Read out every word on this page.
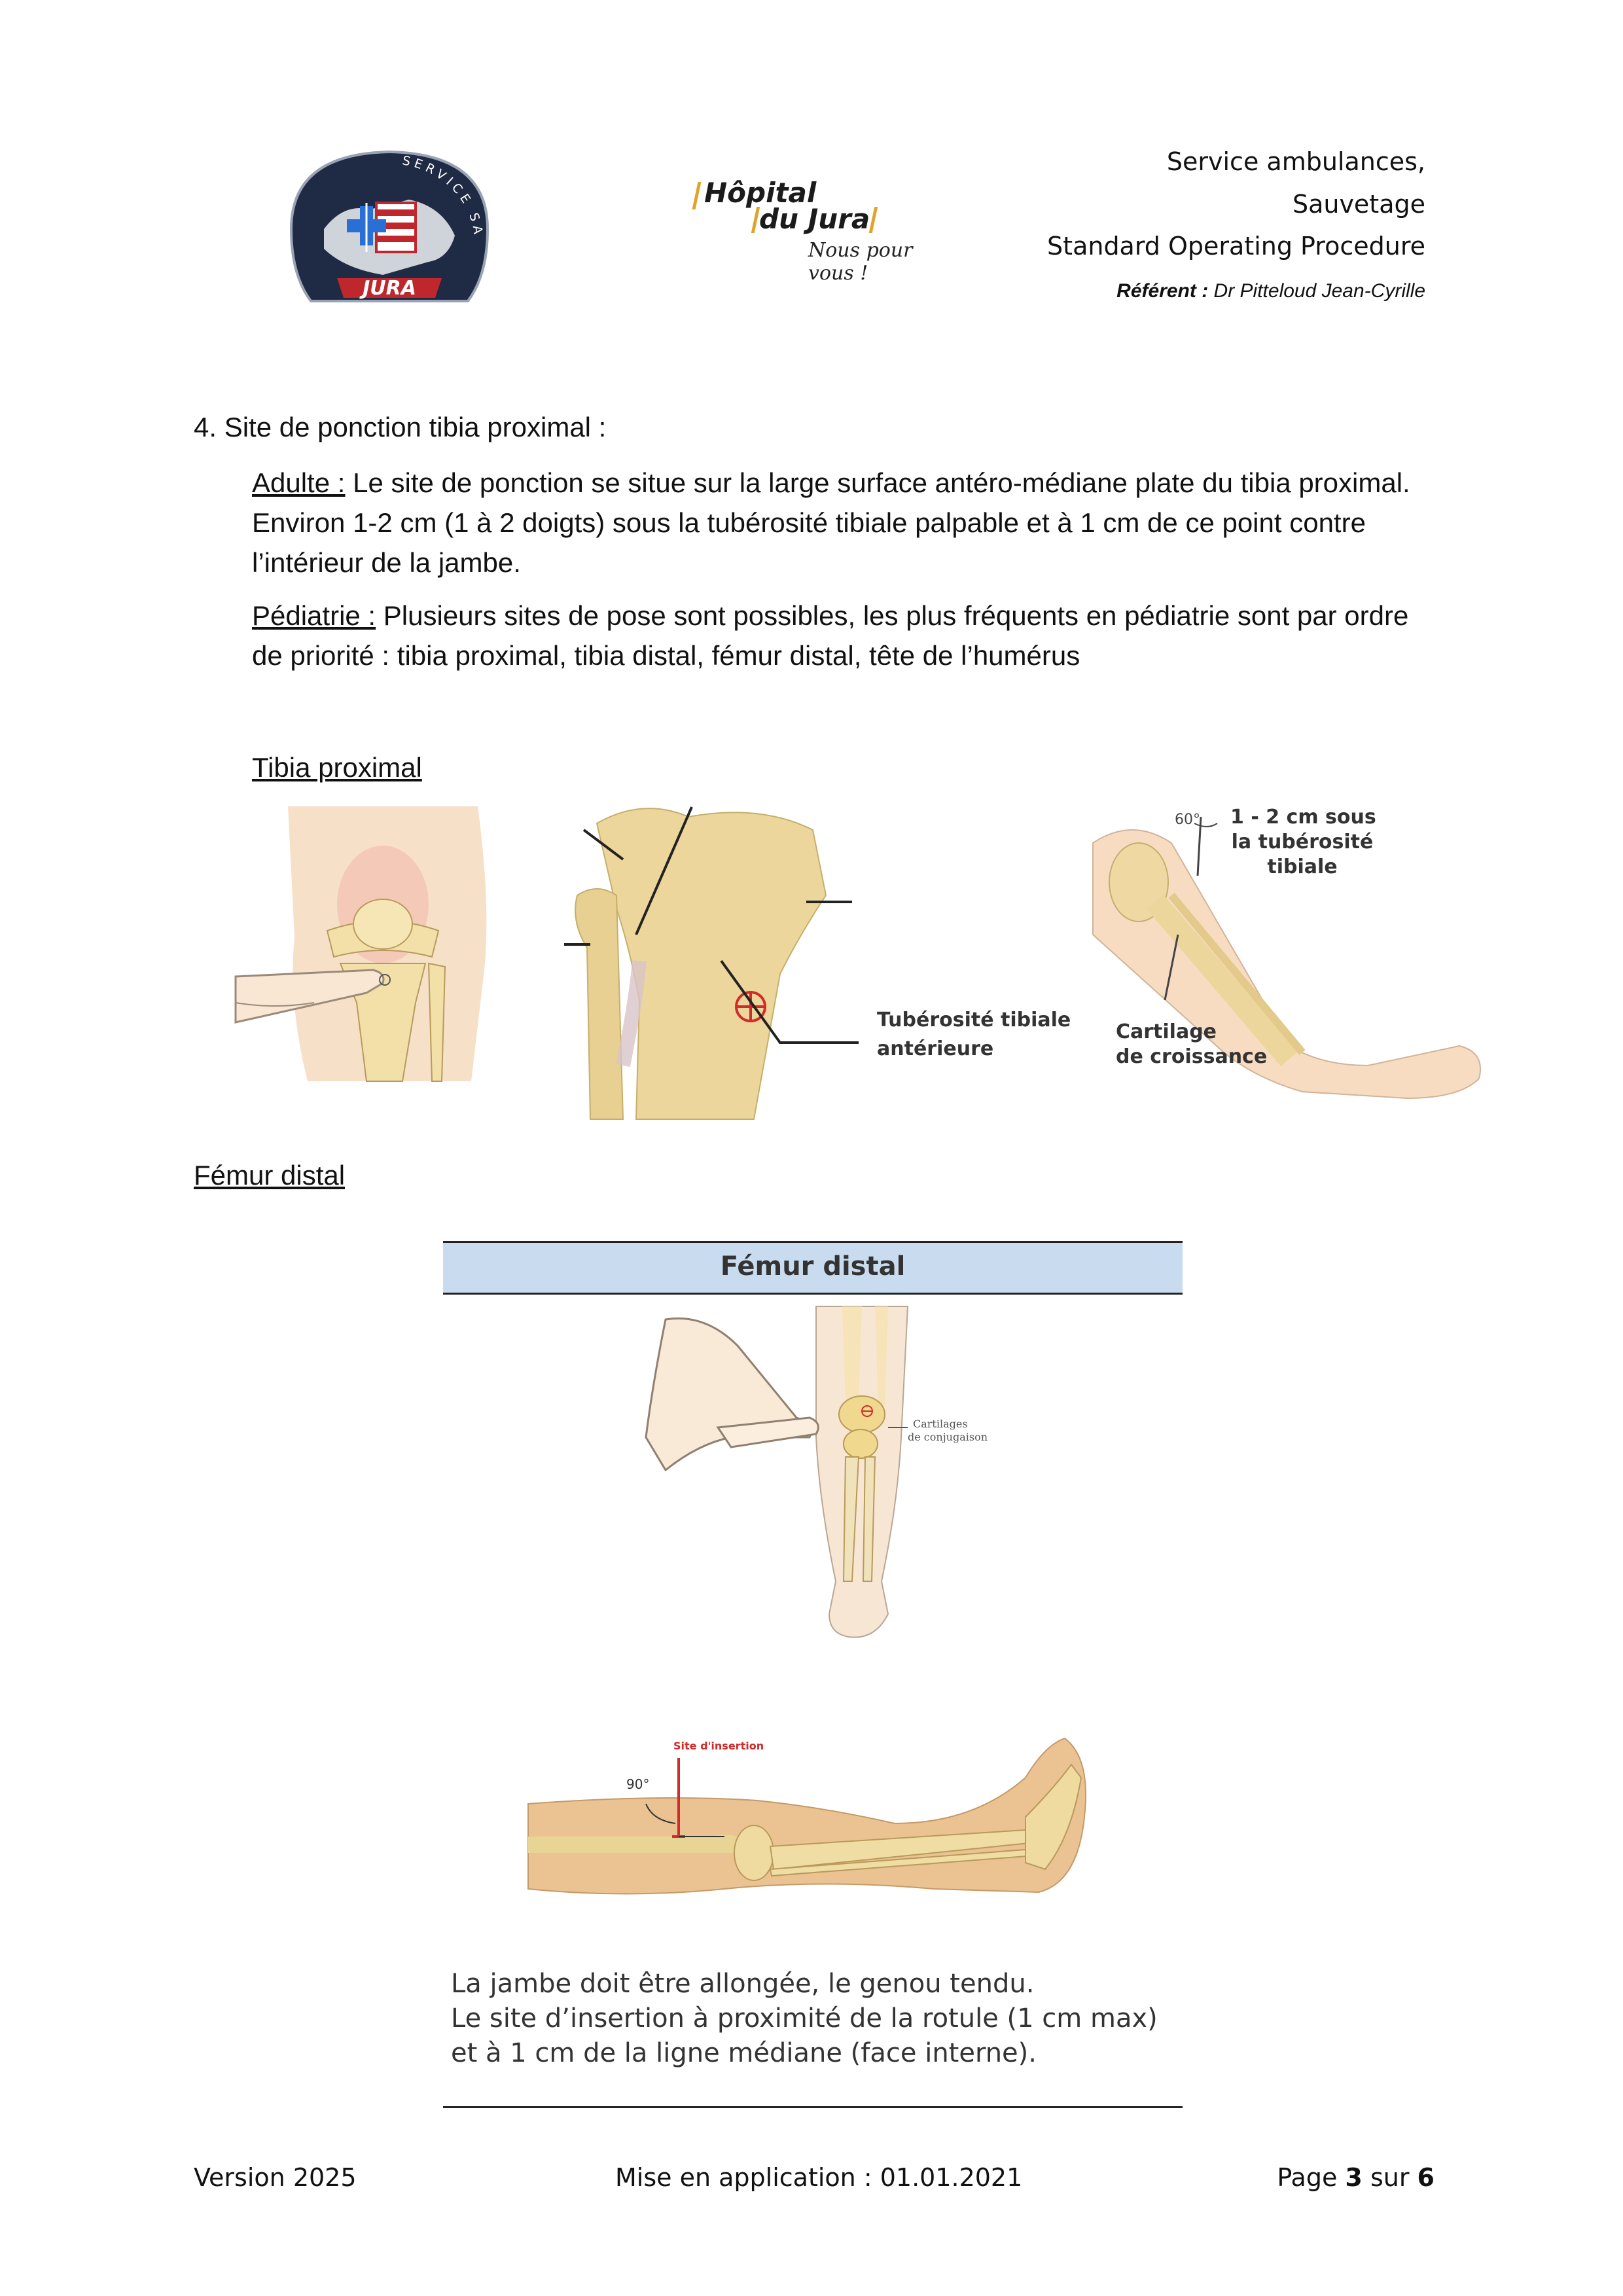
SERVICE SA
JURA
Hôpital
du Jura
Nous pour vous !
Service ambulances,
Sauvetage
Standard Operating Procedure
Référent : Dr Pitteloud Jean-Cyrille
4. Site de ponction tibia proximal :
Adulte : Le site de ponction se situe sur la large surface antéro-médiane plate du tibia proximal. Environ 1-2 cm (1 à 2 doigts) sous la tubérosité tibiale palpable et à 1 cm de ce point contre l’intérieur de la jambe.
Pédiatrie : Plusieurs sites de pose sont possibles, les plus fréquents en pédiatrie sont par ordre de priorité : tibia proximal, tibia distal, fémur distal, tête de l’humérus
Tibia proximal
Tubérosité tibiale
antérieure
60° 1 - 2 cm sous
la tubérosité
tibiale
Cartilage
de croissance
Fémur distal
Fémur distal
Cartilages
de conjugaison
Site d'insertion
90°
La jambe doit être allongée, le genou tendu.
Le site d’insertion à proximité de la rotule (1 cm max)
et à 1 cm de la ligne médiane (face interne).
Version 2025	Mise en application : 01.01.2021	Page 3 sur 6
